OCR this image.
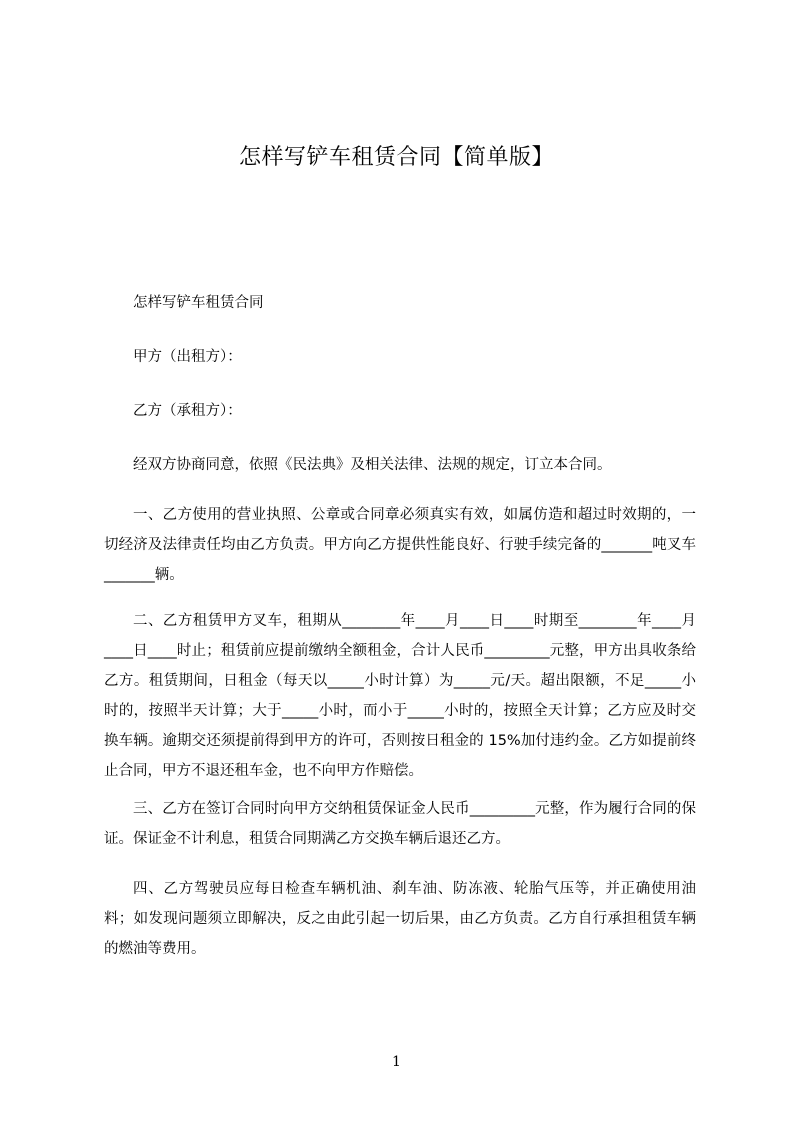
怎样写铲车租赁合同【简单版】

怎样写铲车租赁合同

甲方（出租方）：

乙方（承租方）：

经双方协商同意，依照《民法典》及相关法律、法规的规定，订立本合同。

一、乙方使用的营业执照、公章或合同章必须真实有效，如属仿造和超过时效期的，一切经济及法律责任均由乙方负责。甲方向乙方提供性能良好、行驶手续完备的_______吨叉车_______辆。

二、乙方租赁甲方叉车，租期从________年____月____日____时期至________年____月____日____时止；租赁前应提前缴纳全额租金，合计人民币_________元整，甲方出具收条给乙方。租赁期间，日租金（每天以_____小时计算）为_____元/天。超出限额，不足_____小时的，按照半天计算；大于_____小时，而小于_____小时的，按照全天计算；乙方应及时交换车辆。逾期交还须提前得到甲方的许可，否则按日租金的 15%加付违约金。乙方如提前终止合同，甲方不退还租车金，也不向甲方作赔偿。

三、乙方在签订合同时向甲方交纳租赁保证金人民币_________元整，作为履行合同的保证。保证金不计利息，租赁合同期满乙方交换车辆后退还乙方。

四、乙方驾驶员应每日检查车辆机油、刹车油、防冻液、轮胎气压等，并正确使用油料；如发现问题须立即解决，反之由此引起一切后果，由乙方负责。乙方自行承担租赁车辆的燃油等费用。

1
